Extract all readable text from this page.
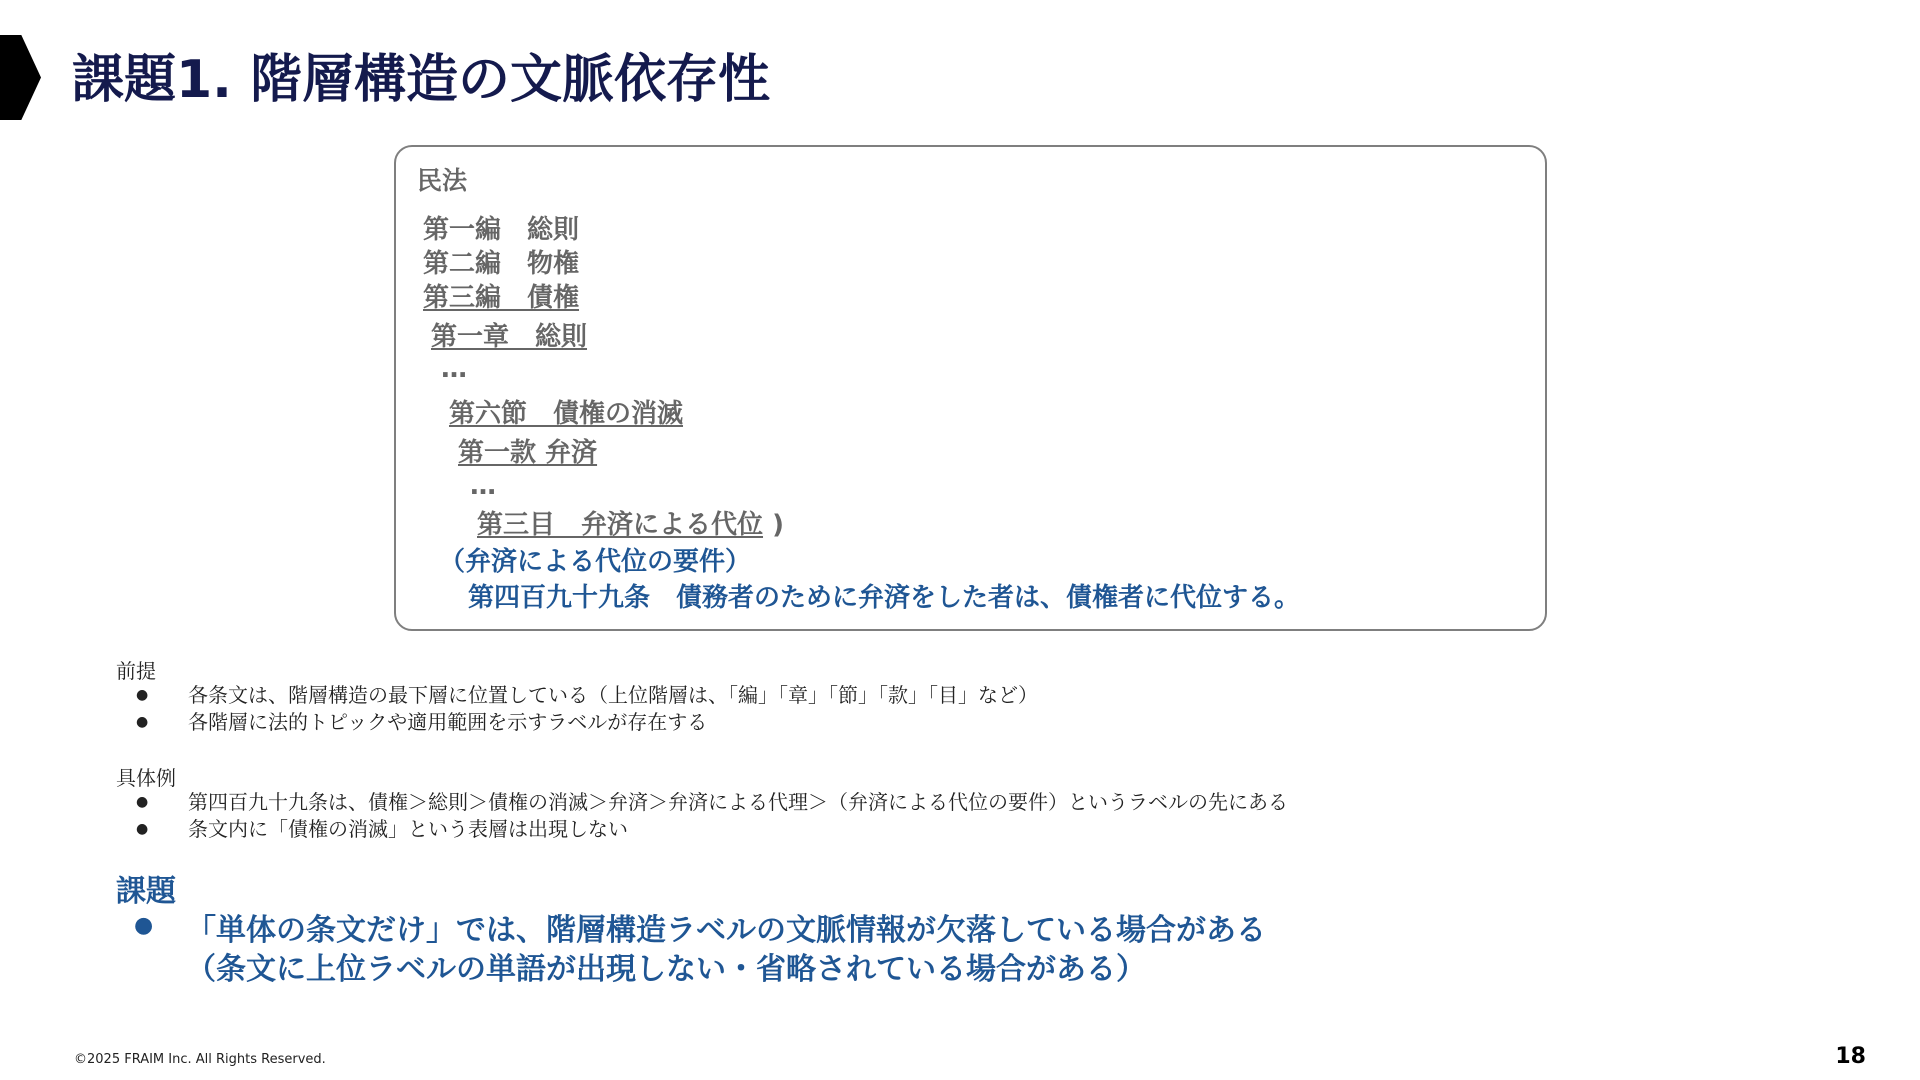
課題1. 階層構造の文脈依存性
民法
第一編　総則
第二編　物権
第三編　債権
第一章　総則
…
第六節　債権の消滅
第一款 弁済
…
第三目　弁済による代位 )
（弁済による代位の要件）
第四百九十九条　債務者のために弁済をした者は、債権者に代位する。
前提
● 各条文は、階層構造の最下層に位置している（上位階層は、「編」「章」「節」「款」「目」など）
● 各階層に法的トピックや適用範囲を示すラベルが存在する
具体例
● 第四百九十九条は、債権＞総則＞債権の消滅＞弁済＞弁済による代理＞（弁済による代位の要件）というラベルの先にある
● 条文内に「債権の消滅」という表層は出現しない
課題
● 「単体の条文だけ」では、階層構造ラベルの文脈情報が欠落している場合がある
（条文に上位ラベルの単語が出現しない・省略されている場合がある）
©2025 FRAIM Inc. All Rights Reserved.	18
